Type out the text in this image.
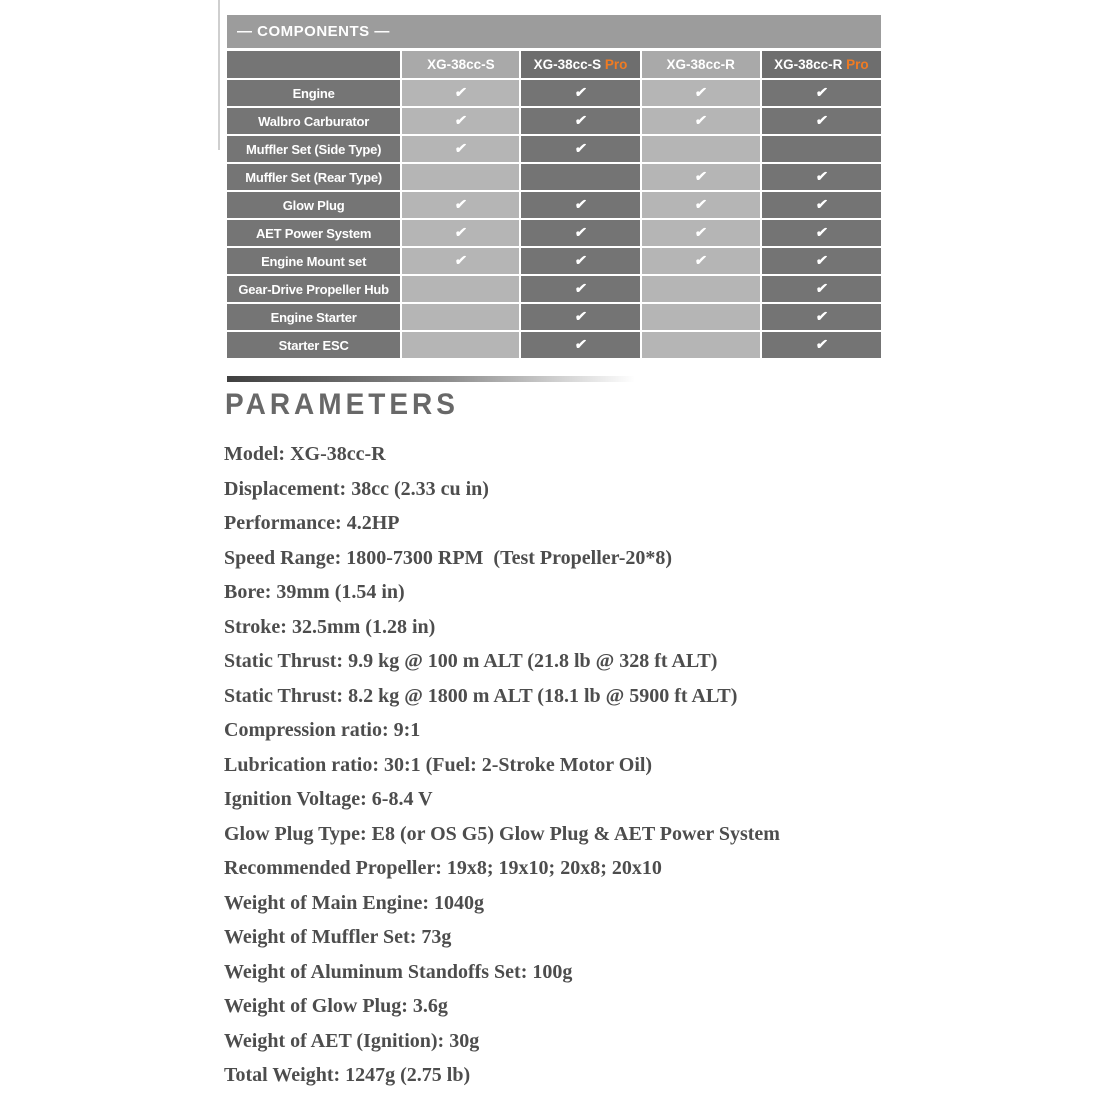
— COMPONENTS —
	XG-38cc-S	XG-38cc-S Pro	XG-38cc-R	XG-38cc-R Pro
Engine	✔	✔	✔	✔
Walbro Carburator	✔	✔	✔	✔
Muffler Set (Side Type)	✔	✔		
Muffler Set (Rear Type)			✔	✔
Glow Plug	✔	✔	✔	✔
AET Power System	✔	✔	✔	✔
Engine Mount set	✔	✔	✔	✔
Gear-Drive Propeller Hub		✔		✔
Engine Starter		✔		✔
Starter ESC		✔		✔
PARAMETERS
Model: XG-38cc-R
Displacement: 38cc (2.33 cu in)
Performance: 4.2HP
Speed Range: 1800-7300 RPM  (Test Propeller-20*8)
Bore: 39mm (1.54 in)
Stroke: 32.5mm (1.28 in)
Static Thrust: 9.9 kg @ 100 m ALT (21.8 lb @ 328 ft ALT)
Static Thrust: 8.2 kg @ 1800 m ALT (18.1 lb @ 5900 ft ALT)
Compression ratio: 9:1
Lubrication ratio: 30:1 (Fuel: 2-Stroke Motor Oil)
Ignition Voltage: 6-8.4 V
Glow Plug Type: E8 (or OS G5) Glow Plug & AET Power System
Recommended Propeller: 19x8; 19x10; 20x8; 20x10
Weight of Main Engine: 1040g
Weight of Muffler Set: 73g
Weight of Aluminum Standoffs Set: 100g
Weight of Glow Plug: 3.6g
Weight of AET (Ignition): 30g
Total Weight: 1247g (2.75 lb)
